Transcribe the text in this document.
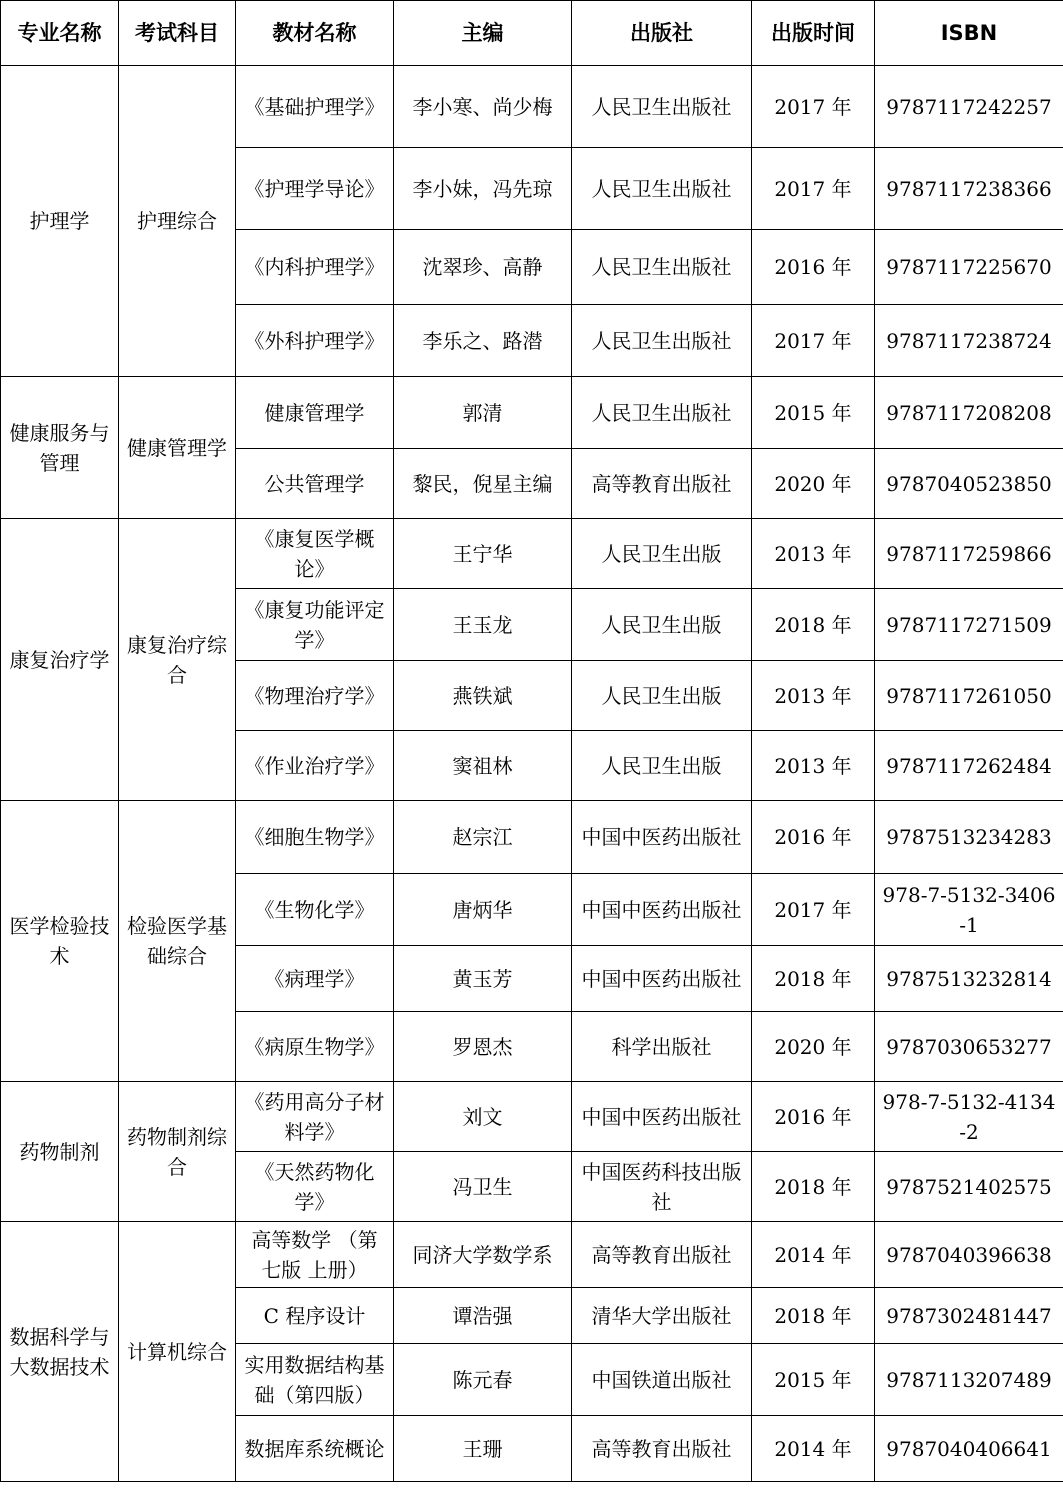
专业名称	考试科目	教材名称	主编	出版社	出版时间	ISBN
护理学	护理综合	《基础护理学》	李小寒、尚少梅	人民卫生出版社	2017 年	9787117242257
		《护理学导论》	李小妹，冯先琼	人民卫生出版社	2017 年	9787117238366
		《内科护理学》	沈翠珍、高静	人民卫生出版社	2016 年	9787117225670
		《外科护理学》	李乐之、路潜	人民卫生出版社	2017 年	9787117238724
健康服务与管理	健康管理学	健康管理学	郭清	人民卫生出版社	2015 年	9787117208208
		公共管理学	黎民，倪星主编	高等教育出版社	2020 年	9787040523850
康复治疗学	康复治疗综合	《康复医学概论》	王宁华	人民卫生出版	2013 年	9787117259866
		《康复功能评定学》	王玉龙	人民卫生出版	2018 年	9787117271509
		《物理治疗学》	燕铁斌	人民卫生出版	2013 年	9787117261050
		《作业治疗学》	窦祖林	人民卫生出版	2013 年	9787117262484
医学检验技术	检验医学基础综合	《细胞生物学》	赵宗江	中国中医药出版社	2016 年	9787513234283
		《生物化学》	唐炳华	中国中医药出版社	2017 年	978-7-5132-3406-1
		《病理学》	黄玉芳	中国中医药出版社	2018 年	9787513232814
		《病原生物学》	罗恩杰	科学出版社	2020 年	9787030653277
药物制剂	药物制剂综合	《药用高分子材料学》	刘文	中国中医药出版社	2016 年	978-7-5132-4134-2
		《天然药物化学》	冯卫生	中国医药科技出版社	2018 年	9787521402575
数据科学与大数据技术	计算机综合	高等数学 （第七版 上册）	同济大学数学系	高等教育出版社	2014 年	9787040396638
		C 程序设计	谭浩强	清华大学出版社	2018 年	9787302481447
		实用数据结构基础（第四版）	陈元春	中国铁道出版社	2015 年	9787113207489
		数据库系统概论	王珊	高等教育出版社	2014 年	9787040406641
